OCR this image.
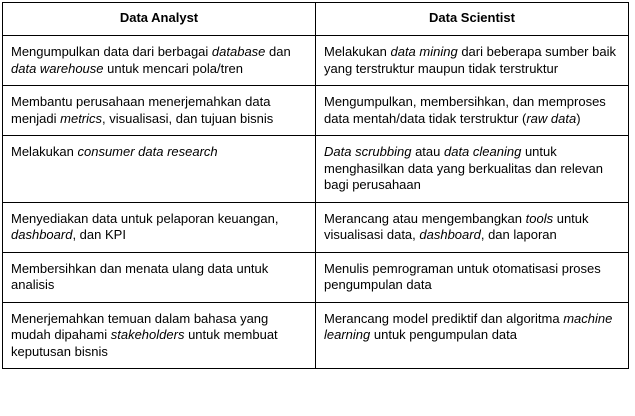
Data Analyst	Data Scientist

Mengumpulkan data dari berbagai database dan data warehouse untuk mencari pola/tren	Melakukan data mining dari beberapa sumber baik yang terstruktur maupun tidak terstruktur

Membantu perusahaan menerjemahkan data menjadi metrics, visualisasi, dan tujuan bisnis	Mengumpulkan, membersihkan, dan memproses data mentah/data tidak terstruktur (raw data)

Melakukan consumer data research	Data scrubbing atau data cleaning untuk menghasilkan data yang berkualitas dan relevan bagi perusahaan

Menyediakan data untuk pelaporan keuangan, dashboard, dan KPI	Merancang atau mengembangkan tools untuk visualisasi data, dashboard, dan laporan

Membersihkan dan menata ulang data untuk analisis	Menulis pemrograman untuk otomatisasi proses pengumpulan data

Menerjemahkan temuan dalam bahasa yang mudah dipahami stakeholders untuk membuat keputusan bisnis	Merancang model prediktif dan algoritma machine learning untuk pengumpulan data
